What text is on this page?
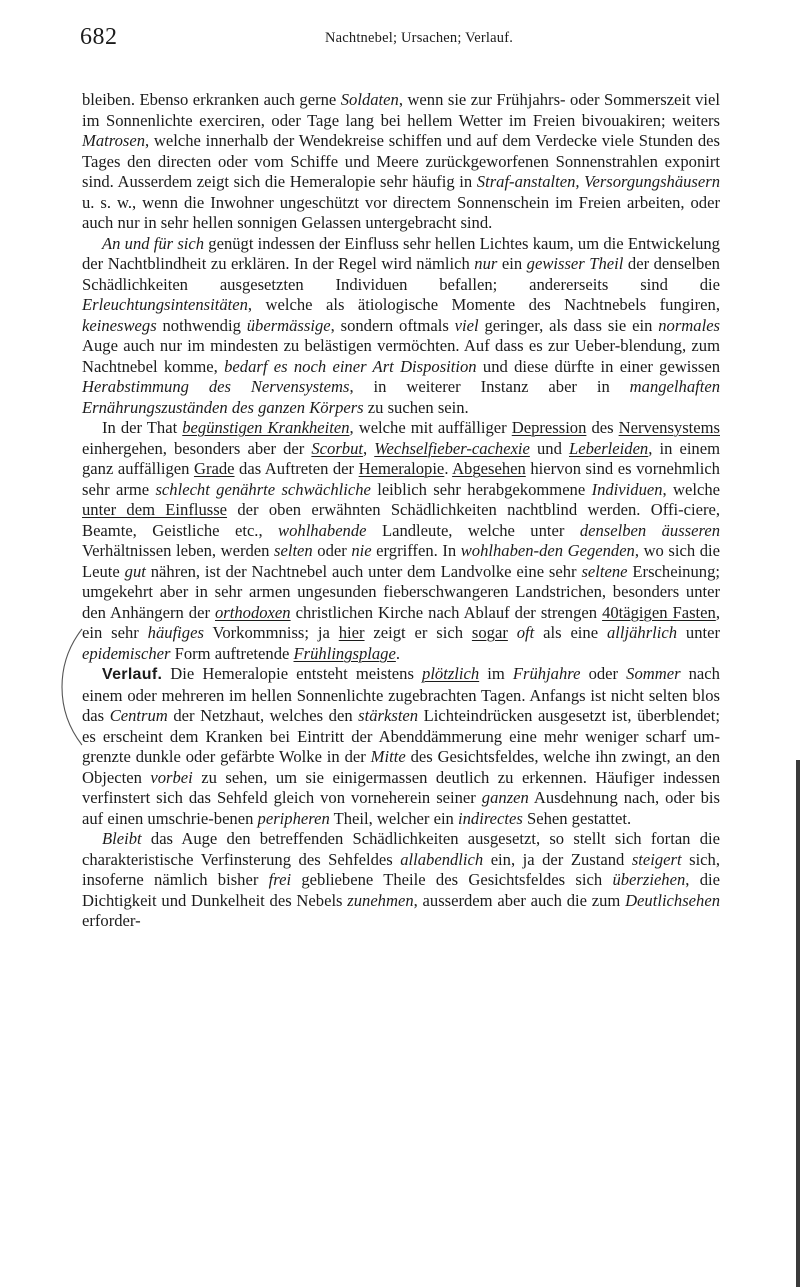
682	Nachtnebel; Ursachen; Verlauf.

bleiben. Ebenso erkranken auch gerne Soldaten, wenn sie zur Frühjahrs- oder Sommerszeit viel im Sonnenlichte exerciren, oder Tage lang bei hellem Wetter im Freien bivouakiren; weiters Matrosen, welche innerhalb der Wendekreise schiffen und auf dem Verdecke viele Stunden des Tages den directen oder vom Schiffe und Meere zurückgeworfenen Sonnenstrahlen exponirt sind. Ausserdem zeigt sich die Hemeralopie sehr häufig in Straf-anstalten, Versorgungshäusern u. s. w., wenn die Inwohner ungeschützt vor directem Sonnenschein im Freien arbeiten, oder auch nur in sehr hellen sonnigen Gelassen untergebracht sind.

An und für sich genügt indessen der Einfluss sehr hellen Lichtes kaum, um die Entwickelung der Nachtblindheit zu erklären. In der Regel wird nämlich nur ein gewisser Theil der denselben Schädlichkeiten ausgesetzten Individuen befallen; andererseits sind die Erleuchtungsintensitäten, welche als ätiologische Momente des Nachtnebels fungiren, keineswegs nothwendig übermässige, sondern oftmals viel geringer, als dass sie ein normales Auge auch nur im mindesten zu belästigen vermöchten. Auf dass es zur Ueber-blendung, zum Nachtnebel komme, bedarf es noch einer Art Disposition und diese dürfte in einer gewissen Herabstimmung des Nervensystems, in weiterer Instanz aber in mangelhaften Ernährungszuständen des ganzen Körpers zu suchen sein.

In der That begünstigen Krankheiten, welche mit auffälliger Depression des Nervensystems einhergehen, besonders aber der Scorbut, Wechselfieber-cachexie und Leberleiden, in einem ganz auffälligen Grade das Auftreten der Hemeralopie. Abgesehen hiervon sind es vornehmlich sehr arme schlecht genährte schwächliche leiblich sehr herabgekommene Individuen, welche unter dem Einflusse der oben erwähnten Schädlichkeiten nachtblind werden. Offi-ciere, Beamte, Geistliche etc., wohlhabende Landleute, welche unter denselben äusseren Verhältnissen leben, werden selten oder nie ergriffen. In wohlhaben-den Gegenden, wo sich die Leute gut nähren, ist der Nachtnebel auch unter dem Landvolke eine sehr seltene Erscheinung; umgekehrt aber in sehr armen ungesunden fieberschwangeren Landstrichen, besonders unter den Anhängern der orthodoxen christlichen Kirche nach Ablauf der strengen 40tägigen Fasten, ein sehr häufiges Vorkommniss; ja hier zeigt er sich sogar oft als eine alljährlich unter epidemischer Form auftretende Frühlingsplage.

Verlauf. Die Hemeralopie entsteht meistens plötzlich im Frühjahre oder Sommer nach einem oder mehreren im hellen Sonnenlichte zugebrachten Tagen. Anfangs ist nicht selten blos das Centrum der Netzhaut, welches den stärksten Lichteindrücken ausgesetzt ist, überblendet; es erscheint dem Kranken bei Eintritt der Abenddämmerung eine mehr weniger scharf um-grenzte dunkle oder gefärbte Wolke in der Mitte des Gesichtsfeldes, welche ihn zwingt, an den Objecten vorbei zu sehen, um sie einigermassen deutlich zu erkennen. Häufiger indessen verfinstert sich das Sehfeld gleich von vorneherein seiner ganzen Ausdehnung nach, oder bis auf einen umschrie-benen peripheren Theil, welcher ein indirectes Sehen gestattet.

Bleibt das Auge den betreffenden Schädlichkeiten ausgesetzt, so stellt sich fortan die charakteristische Verfinsterung des Sehfeldes allabendlich ein, ja der Zustand steigert sich, insoferne nämlich bisher frei gebliebene Theile des Gesichtsfeldes sich überziehen, die Dichtigkeit und Dunkelheit des Nebels zunehmen, ausserdem aber auch die zum Deutlichsehen erforder-
